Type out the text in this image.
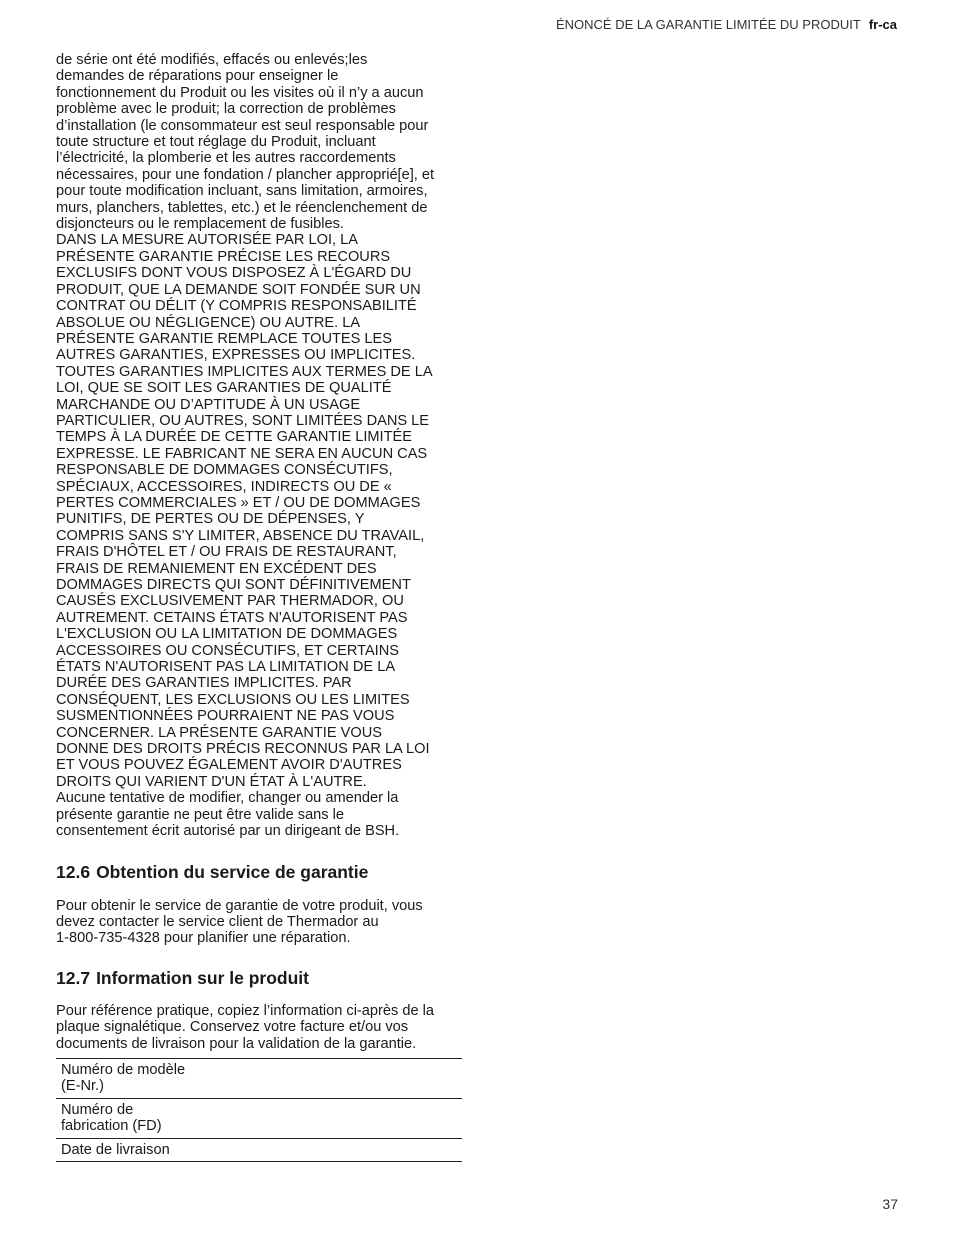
ÉNONCÉ DE LA GARANTIE LIMITÉE DU PRODUIT fr-ca

de série ont été modifiés, effacés ou enlevés;les
demandes de réparations pour enseigner le
fonctionnement du Produit ou les visites où il n’y a aucun
problème avec le produit; la correction de problèmes
d’installation (le consommateur est seul responsable pour
toute structure et tout réglage du Produit, incluant
l’électricité, la plomberie et les autres raccordements
nécessaires, pour une fondation / plancher approprié[e], et
pour toute modification incluant, sans limitation, armoires,
murs, planchers, tablettes, etc.) et le réenclenchement de
disjoncteurs ou le remplacement de fusibles.

DANS LA MESURE AUTORISÉE PAR LOI, LA
PRÉSENTE GARANTIE PRÉCISE LES RECOURS
EXCLUSIFS DONT VOUS DISPOSEZ À L'ÉGARD DU
PRODUIT, QUE LA DEMANDE SOIT FONDÉE SUR UN
CONTRAT OU DÉLIT (Y COMPRIS RESPONSABILITÉ
ABSOLUE OU NÉGLIGENCE) OU AUTRE. LA
PRÉSENTE GARANTIE REMPLACE TOUTES LES
AUTRES GARANTIES, EXPRESSES OU IMPLICITES.
TOUTES GARANTIES IMPLICITES AUX TERMES DE LA
LOI, QUE SE SOIT LES GARANTIES DE QUALITÉ
MARCHANDE OU D’APTITUDE À UN USAGE
PARTICULIER, OU AUTRES, SONT LIMITÉES DANS LE
TEMPS À LA DURÉE DE CETTE GARANTIE LIMITÉE
EXPRESSE. LE FABRICANT NE SERA EN AUCUN CAS
RESPONSABLE DE DOMMAGES CONSÉCUTIFS,
SPÉCIAUX, ACCESSOIRES, INDIRECTS OU DE «
PERTES COMMERCIALES » ET / OU DE DOMMAGES
PUNITIFS, DE PERTES OU DE DÉPENSES, Y
COMPRIS SANS S'Y LIMITER, ABSENCE DU TRAVAIL,
FRAIS D'HÔTEL ET / OU FRAIS DE RESTAURANT,
FRAIS DE REMANIEMENT EN EXCÉDENT DES
DOMMAGES DIRECTS QUI SONT DÉFINITIVEMENT
CAUSÉS EXCLUSIVEMENT PAR THERMADOR, OU
AUTREMENT. CETAINS ÉTATS N'AUTORISENT PAS
L'EXCLUSION OU LA LIMITATION DE DOMMAGES
ACCESSOIRES OU CONSÉCUTIFS, ET CERTAINS
ÉTATS N'AUTORISENT PAS LA LIMITATION DE LA
DURÉE DES GARANTIES IMPLICITES. PAR
CONSÉQUENT, LES EXCLUSIONS OU LES LIMITES
SUSMENTIONNÉES POURRAIENT NE PAS VOUS
CONCERNER. LA PRÉSENTE GARANTIE VOUS
DONNE DES DROITS PRÉCIS RECONNUS PAR LA LOI
ET VOUS POUVEZ ÉGALEMENT AVOIR D'AUTRES
DROITS QUI VARIENT D'UN ÉTAT À L'AUTRE.

Aucune tentative de modifier, changer ou amender la
présente garantie ne peut être valide sans le
consentement écrit autorisé par un dirigeant de BSH.

12.6 Obtention du service de garantie

Pour obtenir le service de garantie de votre produit, vous
devez contacter le service client de Thermador au
1-800-735-4328 pour planifier une réparation.

12.7 Information sur le produit

Pour référence pratique, copiez l’information ci-après de la
plaque signalétique. Conservez votre facture et/ou vos
documents de livraison pour la validation de la garantie.

Numéro de modèle
(E-Nr.)	
Numéro de
fabrication (FD)	
Date de livraison	
37
